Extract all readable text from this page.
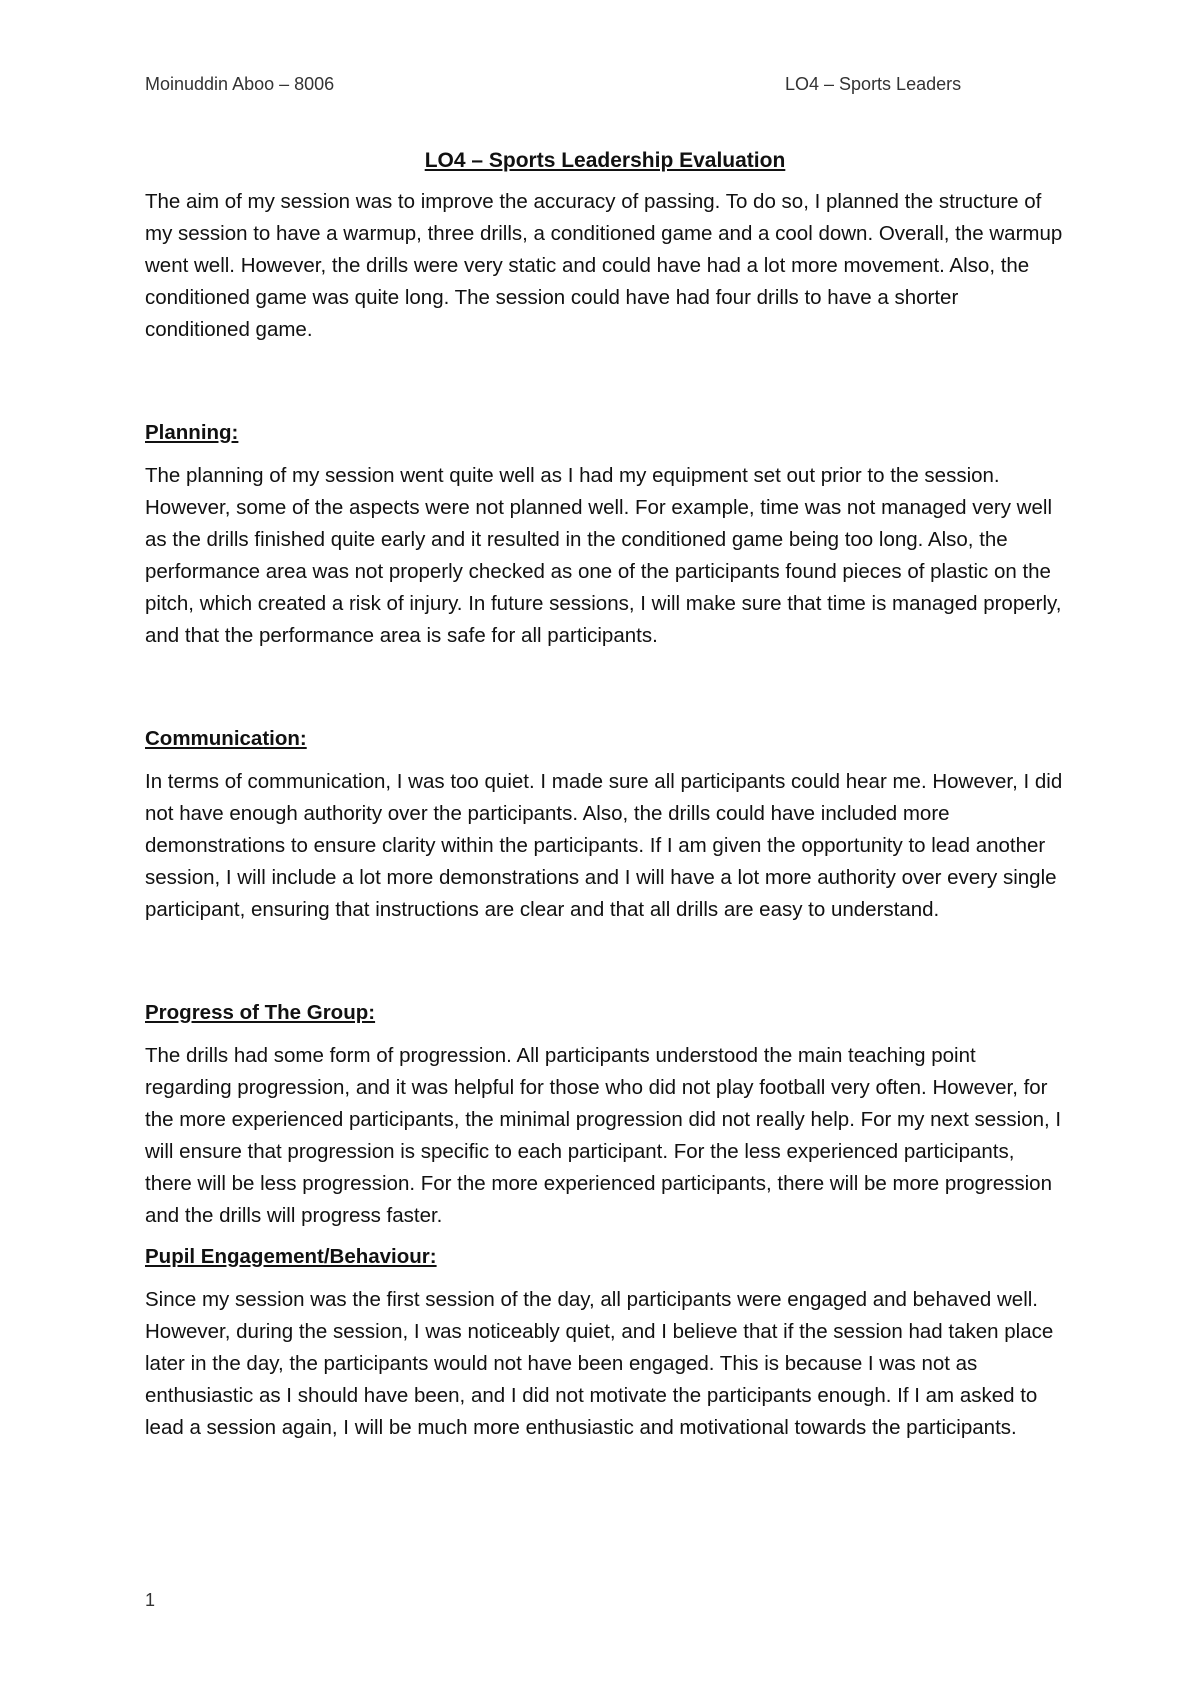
Moinuddin Aboo – 8006	LO4 – Sports Leaders
LO4 – Sports Leadership Evaluation

The aim of my session was to improve the accuracy of passing. To do so, I planned the structure of my session to have a warmup, three drills, a conditioned game and a cool down. Overall, the warmup went well. However, the drills were very static and could have had a lot more movement. Also, the conditioned game was quite long. The session could have had four drills to have a shorter conditioned game.

Planning:

The planning of my session went quite well as I had my equipment set out prior to the session. However, some of the aspects were not planned well. For example, time was not managed very well as the drills finished quite early and it resulted in the conditioned game being too long. Also, the performance area was not properly checked as one of the participants found pieces of plastic on the pitch, which created a risk of injury. In future sessions, I will make sure that time is managed properly, and that the performance area is safe for all participants.

Communication:

In terms of communication, I was too quiet. I made sure all participants could hear me. However, I did not have enough authority over the participants. Also, the drills could have included more demonstrations to ensure clarity within the participants. If I am given the opportunity to lead another session, I will include a lot more demonstrations and I will have a lot more authority over every single participant, ensuring that instructions are clear and that all drills are easy to understand.

Progress of The Group:

The drills had some form of progression. All participants understood the main teaching point regarding progression, and it was helpful for those who did not play football very often. However, for the more experienced participants, the minimal progression did not really help. For my next session, I will ensure that progression is specific to each participant. For the less experienced participants, there will be less progression. For the more experienced participants, there will be more progression and the drills will progress faster.

Pupil Engagement/Behaviour:

Since my session was the first session of the day, all participants were engaged and behaved well. However, during the session, I was noticeably quiet, and I believe that if the session had taken place later in the day, the participants would not have been engaged. This is because I was not as enthusiastic as I should have been, and I did not motivate the participants enough. If I am asked to lead a session again, I will be much more enthusiastic and motivational towards the participants.

1
